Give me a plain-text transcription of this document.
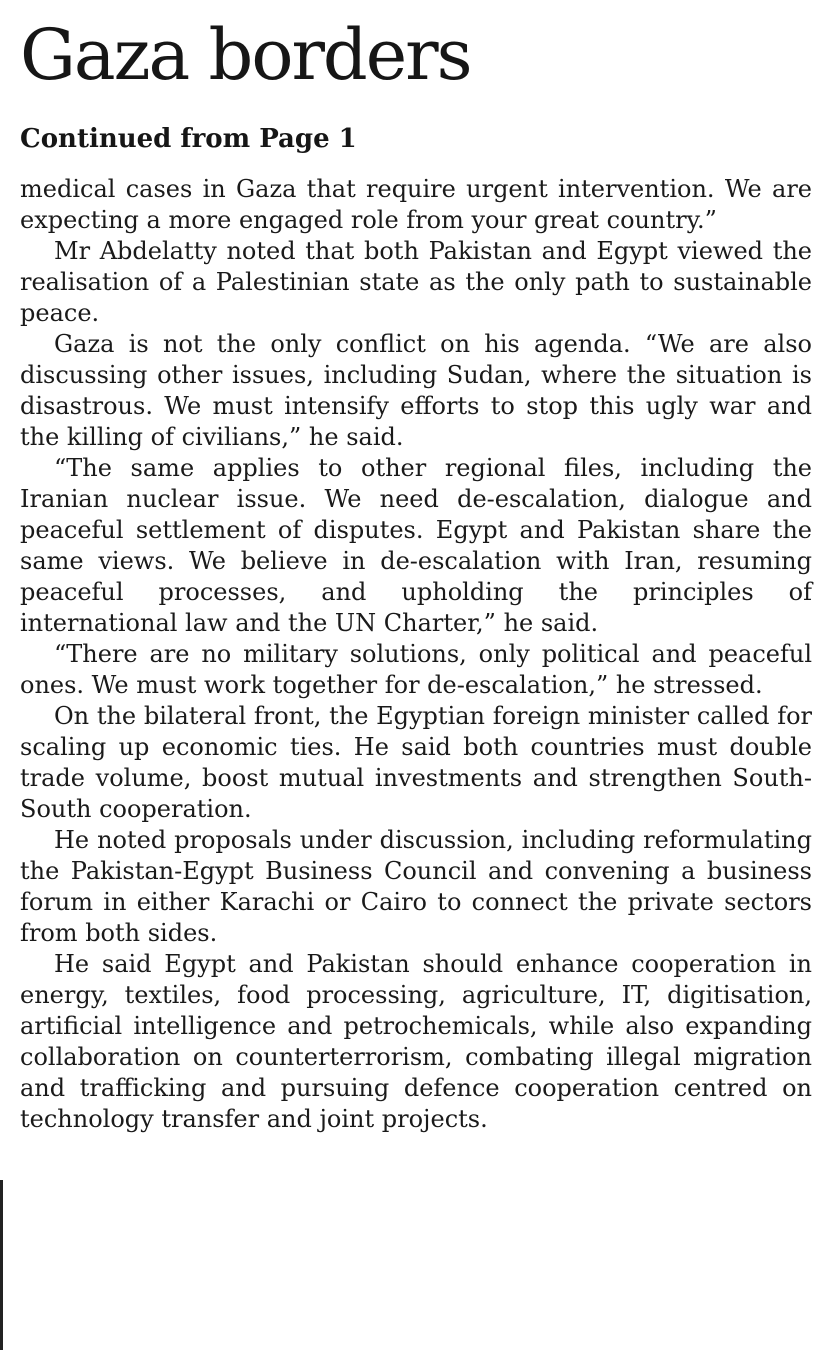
Gaza borders
Continued from Page 1

medical cases in Gaza that require urgent intervention. We are expecting a more engaged role from your great country.”

Mr Abdelatty noted that both Pakistan and Egypt viewed the realisation of a Palestinian state as the only path to sustainable peace.

Gaza is not the only conflict on his agenda. “We are also discussing other issues, including Sudan, where the situation is disastrous. We must intensify efforts to stop this ugly war and the killing of civilians,” he said.

“The same applies to other regional files, including the Iranian nuclear issue. We need de-escalation, dialogue and peaceful settlement of disputes. Egypt and Pakistan share the same views. We believe in de-escalation with Iran, resuming peaceful processes, and upholding the principles of international law and the UN Charter,” he said.

“There are no military solutions, only political and peaceful ones. We must work together for de-escalation,” he stressed.

On the bilateral front, the Egyptian foreign minister called for scaling up economic ties. He said both countries must double trade volume, boost mutual investments and strengthen South-South cooperation.

He noted proposals under discussion, including reformulating the Pakistan-Egypt Business Council and convening a business forum in either Karachi or Cairo to connect the private sectors from both sides.

He said Egypt and Pakistan should enhance cooperation in energy, textiles, food processing, agriculture, IT, digitisation, artificial intelligence and petrochemicals, while also expanding collaboration on counterterrorism, combating illegal migration and trafficking and pursuing defence cooperation centred on technology transfer and joint projects.
